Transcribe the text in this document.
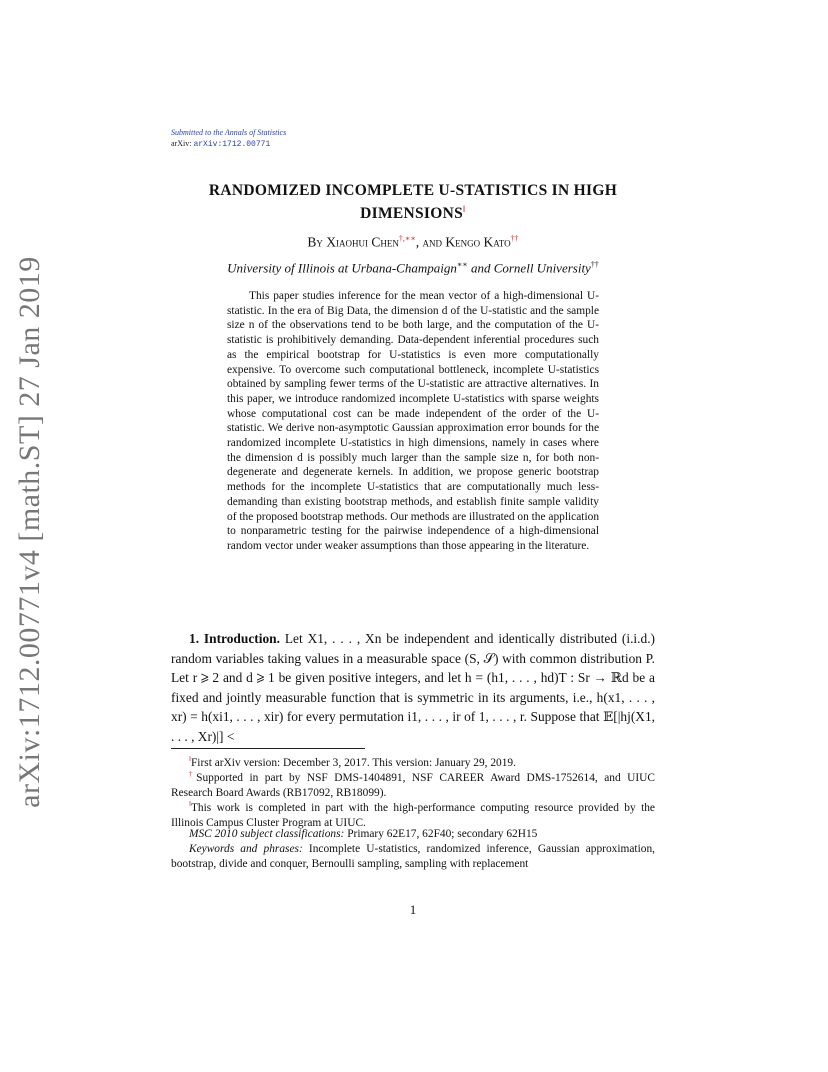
arXiv:1712.00771v4 [math.ST] 27 Jan 2019
Submitted to the Annals of Statistics
arXiv: arXiv:1712.00771
RANDOMIZED INCOMPLETE U-STATISTICS IN HIGH
DIMENSIONS‖
By Xiaohui Chen†,∗∗, and Kengo Kato††
University of Illinois at Urbana-Champaign∗∗ and Cornell University††
This paper studies inference for the mean vector of a high-dimensional U-statistic. In the era of Big Data, the dimension d of the U-statistic and the sample size n of the observations tend to be both large, and the computation of the U-statistic is prohibitively demanding. Data-dependent inferential procedures such as the empirical bootstrap for U-statistics is even more computationally expensive. To overcome such computational bottleneck, incomplete U-statistics obtained by sampling fewer terms of the U-statistic are attractive alternatives. In this paper, we introduce randomized incomplete U-statistics with sparse weights whose computational cost can be made independent of the order of the U-statistic. We derive non-asymptotic Gaussian approximation error bounds for the randomized incomplete U-statistics in high dimensions, namely in cases where the dimension d is possibly much larger than the sample size n, for both non-degenerate and degenerate kernels. In addition, we propose generic bootstrap methods for the incomplete U-statistics that are computationally much less-demanding than existing bootstrap methods, and establish finite sample validity of the proposed bootstrap methods. Our methods are illustrated on the application to nonparametric testing for the pairwise independence of a high-dimensional random vector under weaker assumptions than those appearing in the literature.
1. Introduction. Let X1, . . . , Xn be independent and identically distributed (i.i.d.) random variables taking values in a measurable space (S, 𝒮) with common distribution P. Let r ⩾ 2 and d ⩾ 1 be given positive integers, and let h = (h1, . . . , hd)T : Sr → ℝd be a fixed and jointly measurable function that is symmetric in its arguments, i.e., h(x1, . . . , xr) = h(xi1, . . . , xir) for every permutation i1, . . . , ir of 1, . . . , r. Suppose that 𝔼[|hj(X1, . . . , Xr)|] <
‖First arXiv version: December 3, 2017. This version: January 29, 2019.
†Supported in part by NSF DMS-1404891, NSF CAREER Award DMS-1752614, and UIUC Research Board Awards (RB17092, RB18099).
‖This work is completed in part with the high-performance computing resource provided by the Illinois Campus Cluster Program at UIUC.
MSC 2010 subject classifications: Primary 62E17, 62F40; secondary 62H15
Keywords and phrases: Incomplete U-statistics, randomized inference, Gaussian approximation, bootstrap, divide and conquer, Bernoulli sampling, sampling with replacement
1
